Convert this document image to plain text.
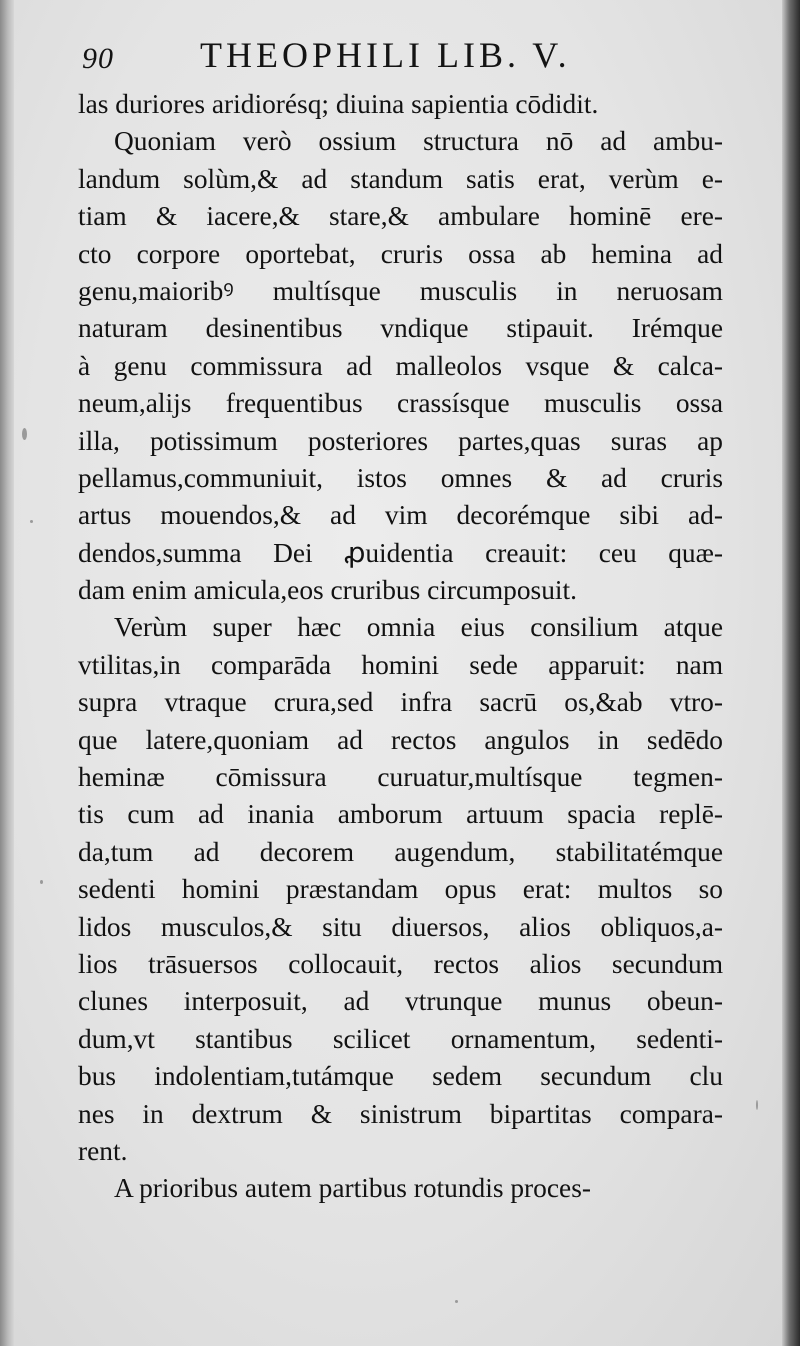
90 THEOPHILI LIB. V.
las duriores aridiorésq; diuina sapientia cōdidit.
Quoniam verò ossium structura nō ad ambu-
landum solùm,& ad standum satis erat, verùm e-
tiam & iacere,& stare,& ambulare hominē ere-
cto corpore oportebat, cruris ossa ab hemina ad
genu,maioribꝰ multísque musculis in neruosam
naturam desinentibus vndique stipauit. Irémque
à genu commissura ad malleolos vsque & calca-
neum,alijs frequentibus crassísque musculis ossa
illa, potissimum posteriores partes,quas suras ap
pellamus,communiuit, istos omnes & ad cruris
artus mouendos,& ad vim decorémque sibi ad-
dendos,summa Dei ꝓuidentia creauit: ceu quæ-
dam enim amicula,eos cruribus circumposuit.
Verùm super hæc omnia eius consilium atque
vtilitas,in comparāda homini sede apparuit: nam
supra vtraque crura,sed infra sacrū os,&ab vtro-
que latere,quoniam ad rectos angulos in sedēdo
heminæ cōmissura curuatur,multísque tegmen-
tis cum ad inania amborum artuum spacia replē-
da,tum ad decorem augendum, stabilitatémque
sedenti homini præstandam opus erat: multos so
lidos musculos,& situ diuersos, alios obliquos,a-
lios trāsuersos collocauit, rectos alios secundum
clunes interposuit, ad vtrunque munus obeun-
dum,vt stantibus scilicet ornamentum, sedenti-
bus indolentiam,tutámque sedem secundum clu
nes in dextrum & sinistrum bipartitas compara-
rent.
A prioribus autem partibus rotundis proces-
